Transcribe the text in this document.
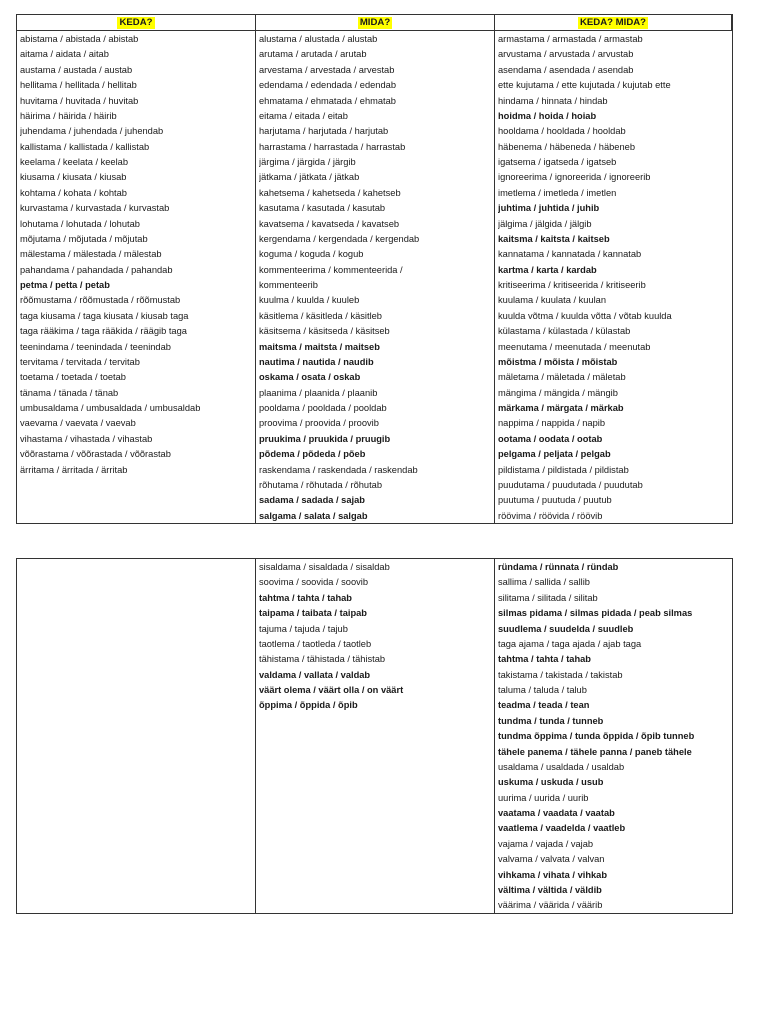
KEDA?	MIDA?	KEDA? MIDA?
abistama / abistada / abistab
aitama / aidata / aitab
austama / austada / austab
hellitama / hellitada / hellitab
huvitama / huvitada / huvitab
häirima / häirida / häirib
juhendama / juhendada / juhendab
kallistama / kallistada / kallistab
keelama / keelata / keelab
kiusama / kiusata / kiusab
kohtama / kohata / kohtab
kurvastama / kurvastada / kurvastab
lohutama / lohutada / lohutab
mõjutama / mõjutada / mõjutab
mälestama / mälestada / mälestab
pahandama / pahandada / pahandab
petma / petta / petab
rõõmustama / rõõmustada / rõõmustab
taga kiusama / taga kiusata / kiusab taga
taga rääkima / taga rääkida / räägib taga
teenindama / teenindada / teenindab
tervitama / tervitada / tervitab
toetama / toetada / toetab
tänama / tänada / tänab
umbusaldama / umbusaldada / umbusaldab
vaevama / vaevata / vaevab
vihastama / vihastada / vihastab
võõrastama / võõrastada / võõrastab
ärritama / ärritada / ärritab
alustama / alustada / alustab
arutama / arutada / arutab
arvestama / arvestada / arvestab
edendama / edendada / edendab
ehmatama / ehmatada / ehmatab
eitama / eitada / eitab
harjutama / harjutada / harjutab
harrastama / harrastada / harrastab
järgima / järgida / järgib
jätkama / jätkata / jätkab
kahetsema / kahetseda / kahetseb
kasutama / kasutada / kasutab
kavatsema / kavatseda / kavatseb
kergendama / kergendada / kergendab
koguma / koguda / kogub
kommenteerima / kommenteerida /
kommenteerib
kuulma / kuulda / kuuleb
käsitlema / käsitleda / käsitleb
käsitsema / käsitseda / käsitseb
maitsma / maitsta / maitseb
nautima / nautida / naudib
oskama / osata / oskab
plaanima / plaanida / plaanib
pooldama / pooldada / pooldab
proovima / proovida / proovib
pruukima / pruukida / pruugib
põdema / põdeda / põeb
raskendama / raskendada / raskendab
rõhutama / rõhutada / rõhutab
sadama / sadada / sajab
salgama / salata / salgab
armastama / armastada / armastab
arvustama / arvustada / arvustab
asendama / asendada / asendab
ette kujutama / ette kujutada / kujutab ette
hindama / hinnata / hindab
hoidma / hoida / hoiab
hooldama / hooldada / hooldab
häbenema / häbeneda / häbeneb
igatsema / igatseda / igatseb
ignoreerima / ignoreerida / ignoreerib
imetlema / imetleda / imetlen
juhtima / juhtida / juhib
jälgima / jälgida / jälgib
kaitsma / kaitsta / kaitseb
kannatama / kannatada / kannatab
kartma / karta / kardab
kritiseerima / kritiseerida / kritiseerib
kuulama / kuulata / kuulan
kuulda võtma / kuulda võtta / võtab kuulda
külastama / külastada / külastab
meenutama / meenutada / meenutab
mõistma / mõista / mõistab
mäletama / mäletada / mäletab
mängima / mängida / mängib
märkama / märgata / märkab
nappima / nappida / napib
ootama / oodata / ootab
pelgama / peljata / pelgab
pildistama / pildistada / pildistab
puudutama / puudutada / puudutab
puutuma / puutuda / puutub
röövima / röövida / röövib
sisaldama / sisaldada / sisaldab
soovima / soovida / soovib
tahtma / tahta / tahab
taipama / taibata / taipab
tajuma / tajuda / tajub
taotlema / taotleda / taotleb
tähistama / tähistada / tähistab
valdama / vallata / valdab
väärt olema / väärt olla / on väärt
õppima / õppida / õpib
ründama / rünnata / ründab
sallima / sallida / sallib
silitama / silitada / silitab
silmas pidama / silmas pidada / peab silmas
suudlema / suudelda / suudleb
taga ajama / taga ajada / ajab taga
tahtma / tahta / tahab
takistama / takistada / takistab
taluma / taluda / talub
teadma / teada / tean
tundma / tunda / tunneb
tundma õppima / tunda õppida / õpib tunneb
tähele panema / tähele panna / paneb tähele
usaldama / usaldada / usaldab
uskuma / uskuda / usub
uurima / uurida / uurib
vaatama / vaadata / vaatab
vaatlema / vaadelda / vaatleb
vajama / vajada / vajab
valvama / valvata / valvan
vihkama / vihata / vihkab
vältima / vältida / väldib
väärima / väärida / väärib
